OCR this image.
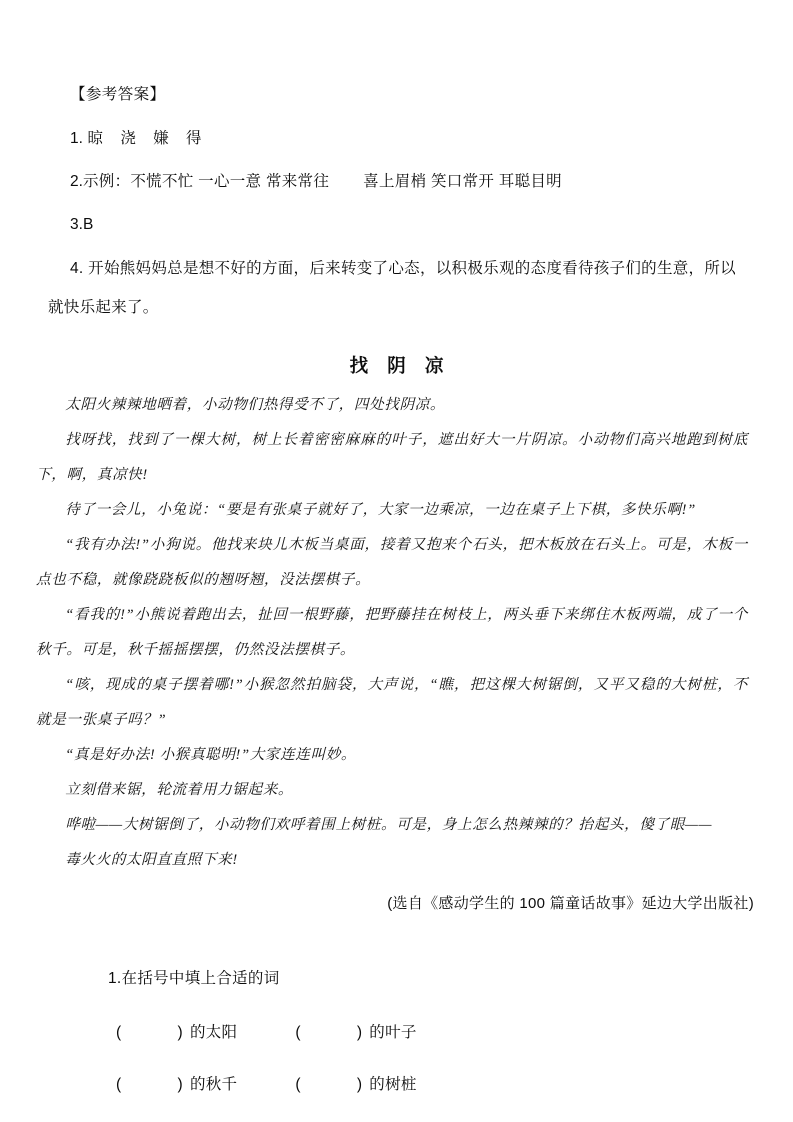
【参考答案】
1. 晾 浇 嫌 得
2.示例：不慌不忙 一心一意 常来常往 喜上眉梢 笑口常开 耳聪目明
3.B
4. 开始熊妈妈总是想不好的方面，后来转变了心态，以积极乐观的态度看待孩子们的生意，所以就快乐起来了。
找 阴 凉

太阳火辣辣地晒着，小动物们热得受不了，四处找阴凉。

找呀找，找到了一棵大树，树上长着密密麻麻的叶子，遮出好大一片阴凉。小动物们高兴地跑到树底下，啊，真凉快!

待了一会儿，小兔说：“要是有张桌子就好了，大家一边乘凉，一边在桌子上下棋，多快乐啊!”

“我有办法!”小狗说。他找来块儿木板当桌面，接着又抱来个石头，把木板放在石头上。可是，木板一点也不稳，就像跷跷板似的翘呀翘，没法摆棋子。

“看我的!”小熊说着跑出去，扯回一根野藤，把野藤挂在树枝上，两头垂下来绑住木板两端，成了一个秋千。可是，秋千摇摇摆摆，仍然没法摆棋子。

“咳，现成的桌子摆着哪!”小猴忽然拍脑袋，大声说，“瞧，把这棵大树锯倒，又平又稳的大树桩，不就是一张桌子吗？”

“真是好办法! 小猴真聪明!”大家连连叫妙。

立刻借来锯，轮流着用力锯起来。

哗啦——大树锯倒了，小动物们欢呼着围上树桩。可是，身上怎么热辣辣的？抬起头，傻了眼——

毒火火的太阳直直照下来!

(选自《感动学生的 100 篇童话故事》延边大学出版社)
1.在括号中填上合适的词
(	) 的太阳	(	) 的叶子
(	) 的秋千	(	) 的树桩
